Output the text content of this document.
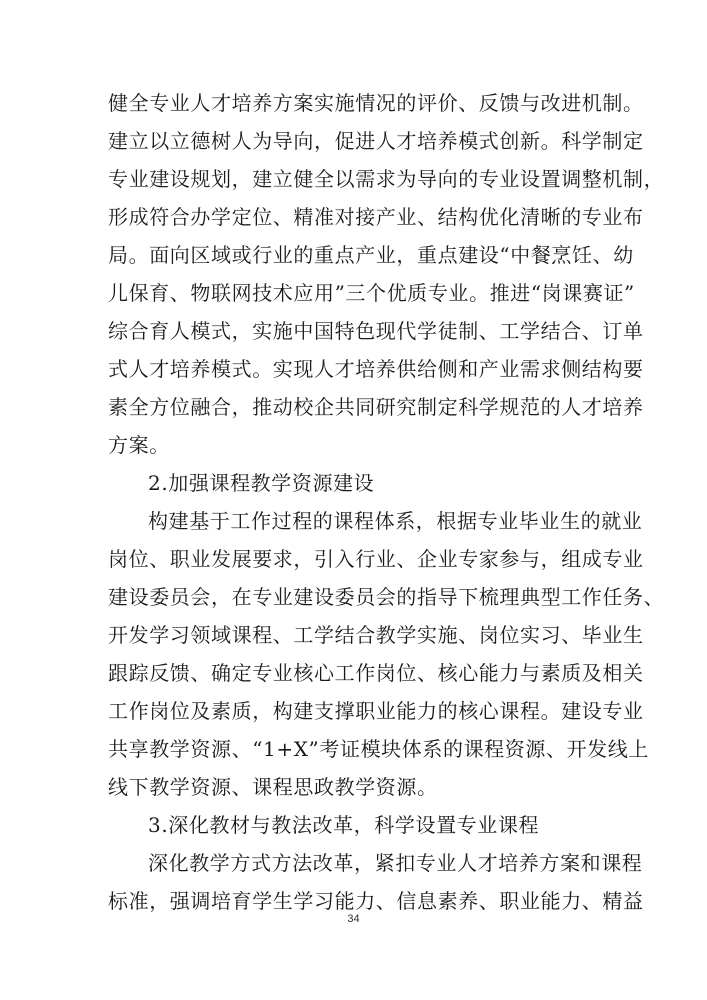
健全专业人才培养方案实施情况的评价、反馈与改进机制。
建立以立德树人为导向，促进人才培养模式创新。科学制定
专业建设规划，建立健全以需求为导向的专业设置调整机制，
形成符合办学定位、精准对接产业、结构优化清晰的专业布
局。面向区域或行业的重点产业，重点建设“中餐烹饪、幼
儿保育、物联网技术应用”三个优质专业。推进“岗课赛证”
综合育人模式，实施中国特色现代学徒制、工学结合、订单
式人才培养模式。实现人才培养供给侧和产业需求侧结构要
素全方位融合，推动校企共同研究制定科学规范的人才培养
方案。
2.加强课程教学资源建设
构建基于工作过程的课程体系，根据专业毕业生的就业
岗位、职业发展要求，引入行业、企业专家参与，组成专业
建设委员会，在专业建设委员会的指导下梳理典型工作任务、
开发学习领域课程、工学结合教学实施、岗位实习、毕业生
跟踪反馈、确定专业核心工作岗位、核心能力与素质及相关
工作岗位及素质，构建支撑职业能力的核心课程。建设专业
共享教学资源、“1+X”考证模块体系的课程资源、开发线上
线下教学资源、课程思政教学资源。
3.深化教材与教法改革，科学设置专业课程
深化教学方式方法改革，紧扣专业人才培养方案和课程
标准，强调培育学生学习能力、信息素养、职业能力、精益
34
